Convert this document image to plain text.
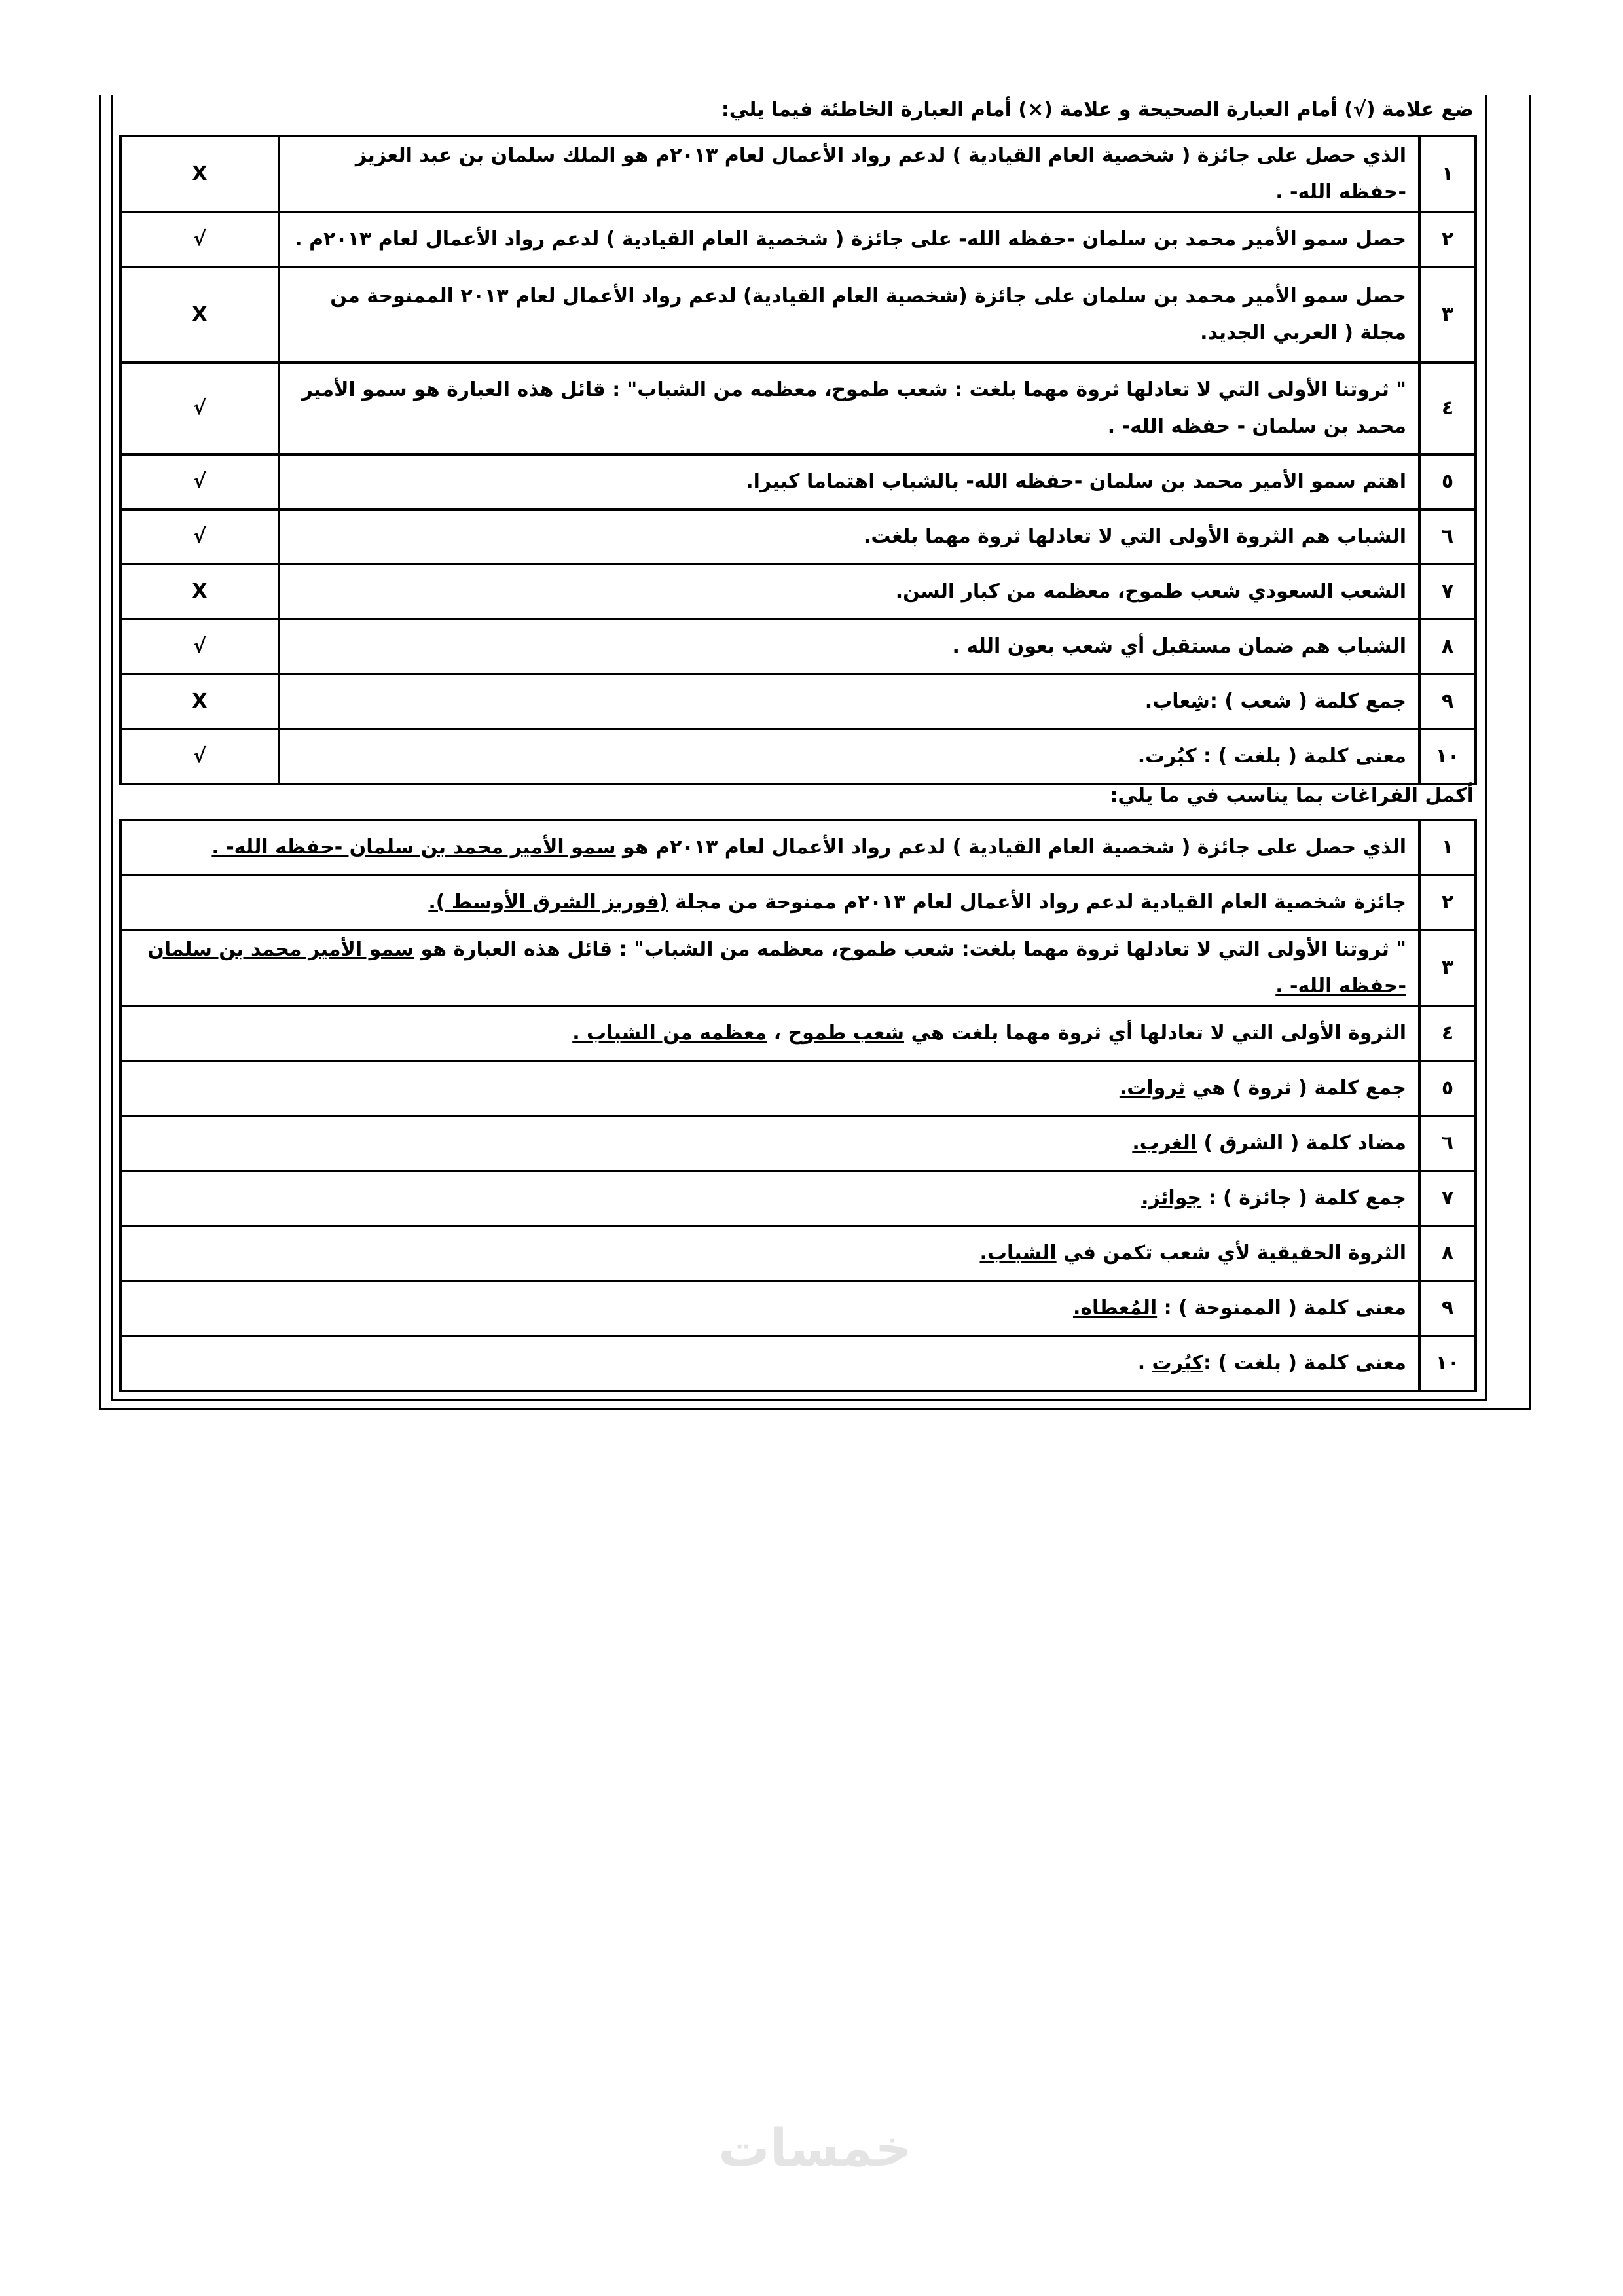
ضع علامة (√) أمام العبارة الصحيحة و علامة (×) أمام العبارة الخاطئة فيما يلي:
١	الذي حصل على جائزة ( شخصية العام القيادية ) لدعم رواد الأعمال لعام ٢٠١٣م هو الملك سلمان بن عبد العزيز -حفظه الله- .	X
٢	حصل سمو الأمير محمد بن سلمان -حفظه الله- على جائزة ( شخصية العام القيادية ) لدعم رواد الأعمال لعام ٢٠١٣م .	√
٣	حصل سمو الأمير محمد بن سلمان على جائزة (شخصية العام القيادية) لدعم رواد الأعمال لعام ٢٠١٣ الممنوحة من مجلة ( العربي الجديد.	X
٤	" ثروتنا الأولى التي لا تعادلها ثروة مهما بلغت : شعب طموح، معظمه من الشباب" : قائل هذه العبارة هو سمو الأمير محمد بن سلمان - حفظه الله- .	√
٥	اهتم سمو الأمير محمد بن سلمان -حفظه الله- بالشباب اهتماما كبيرا.	√
٦	الشباب هم الثروة الأولى التي لا تعادلها ثروة مهما بلغت.	√
٧	الشعب السعودي شعب طموح، معظمه من كبار السن.	X
٨	الشباب هم ضمان مستقبل أي شعب بعون الله .	√
٩	جمع كلمة ( شعب ) :شِعاب.	X
١٠	معنى كلمة ( بلغت ) : كبُرت.	√
أكمل الفراغات بما يناسب في ما يلي:
١	الذي حصل على جائزة ( شخصية العام القيادية ) لدعم رواد الأعمال لعام ٢٠١٣م هو سمو الأمير محمد بن سلمان -حفظه الله- .
٢	جائزة شخصية العام القيادية لدعم رواد الأعمال لعام ٢٠١٣م ممنوحة من مجلة (فوربز الشرق الأوسط ).
٣	" ثروتنا الأولى التي لا تعادلها ثروة مهما بلغت: شعب طموح، معظمه من الشباب" : قائل هذه العبارة هو سمو الأمير محمد بن سلمان -حفظه الله- .
٤	الثروة الأولى التي لا تعادلها أي ثروة مهما بلغت هي شعب طموح ، معظمه من الشباب .
٥	جمع كلمة ( ثروة ) هي ثروات.
٦	مضاد كلمة ( الشرق ) الغرب.
٧	جمع كلمة ( جائزة ) : جوائز.
٨	الثروة الحقيقية لأي شعب تكمن في الشباب.
٩	معنى كلمة ( الممنوحة ) : المُعطاه.
١٠	معنى كلمة ( بلغت ) :كبُرت .
خمسات
